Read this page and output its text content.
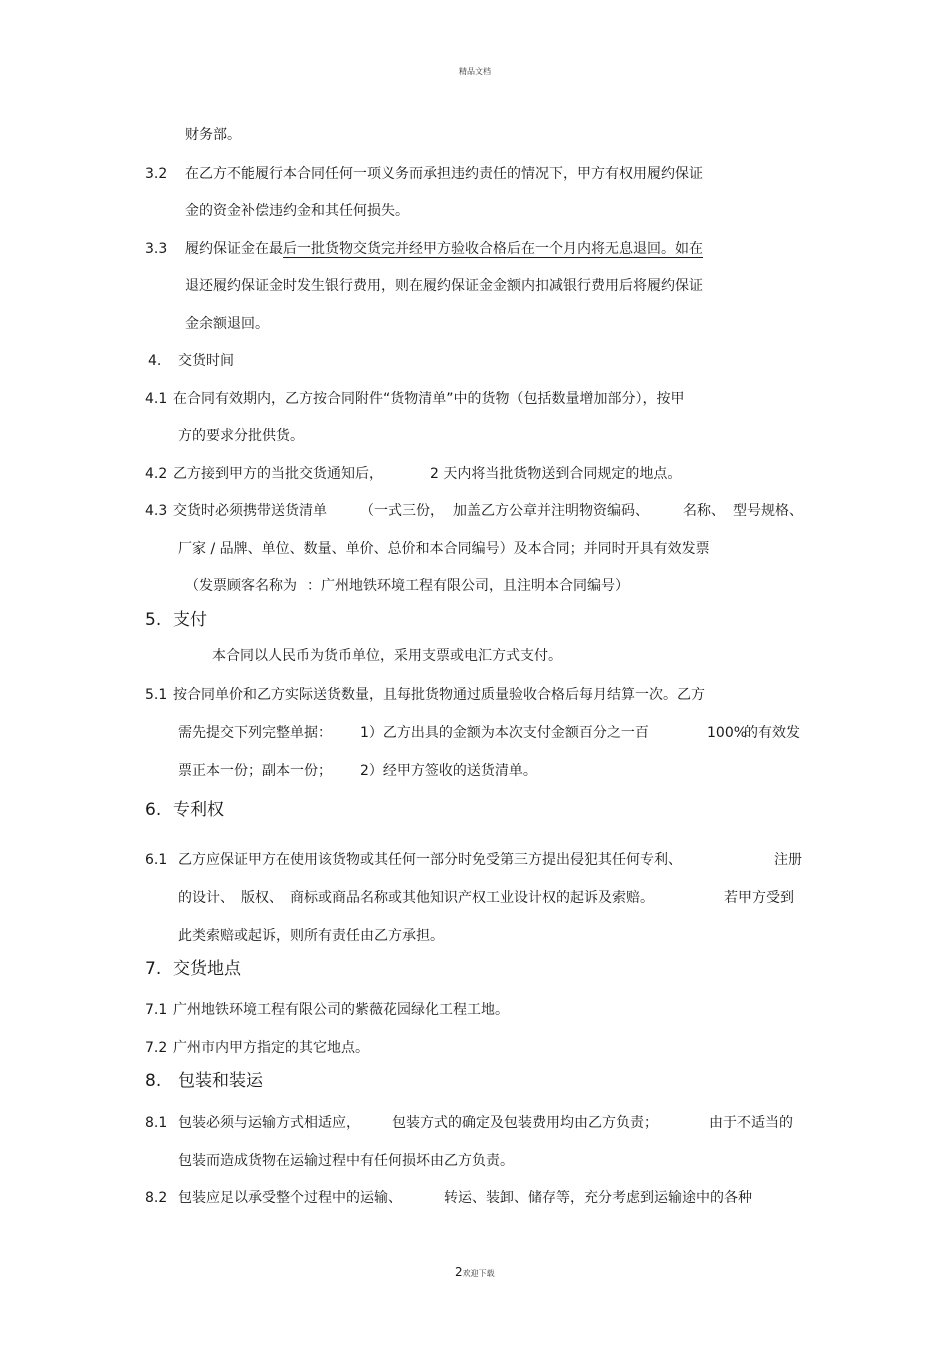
精品文档
财务部。
3.2 在乙方不能履行本合同任何一项义务而承担违约责任的情况下，甲方有权用履约保证
金的资金补偿违约金和其任何损失。
3.3 履约保证金在最 后一批货物交货完并经甲方验收合格后在一个月内将无息退回。如在
退还履约保证金时发生银行费用，则在履约保证金金额内扣减银行费用后将履约保证
金余额退回。
4. 交货时间
4.1 在合同有效期内，乙方按合同附件“货物清单”中的货物（包括数量增加部分），按甲
方的要求分批供货。
4.2 乙方接到甲方的当批交货通知后，	2 天内将当批货物送到合同规定的地点。
4.3 交货时必须携带送货清单 （一式三份， 加盖乙方公章并注明物资编码、 名称、 型号规格、
厂家 / 品牌、单位、数量、单价、总价和本合同编号）及本合同；并同时开具有效发票
（发票顾客名称为 ：广州地铁环境工程有限公司，且注明本合同编号）
5. 支付
本合同以人民币为货币单位，采用支票或电汇方式支付。
5.1 按合同单价和乙方实际送货数量，且每批货物通过质量验收合格后每月结算一次。乙方
需先提交下列完整单据： 1）乙方出具的金额为本次支付金额百分之一百	100%
的有效发
票正本一份；副本一份； 2）经甲方签收的送货清单。
6. 专利权
6.1 乙方应保证甲方在使用该货物或其任何一部分时免受第三方提出侵犯其任何专利、	注册
的设计、 版权、 商标或商品名称或其他知识产权工业设计权的起诉及索赔。	若甲方受到
此类索赔或起诉，则所有责任由乙方承担。
7. 交货地点
7.1 广州地铁环境工程有限公司的紫薇花园绿化工程工地。
7.2 广州市内甲方指定的其它地点。
8. 包装和装运
8.1 包装必须与运输方式相适应， 包装方式的确定及包装费用均由乙方负责；	由于不适当的
包装而造成货物在运输过程中有任何损坏由乙方负责。
8.2 包装应足以承受整个过程中的运输、	转运、装卸、储存等，充分考虑到运输途中的各种
2欢迎下载
